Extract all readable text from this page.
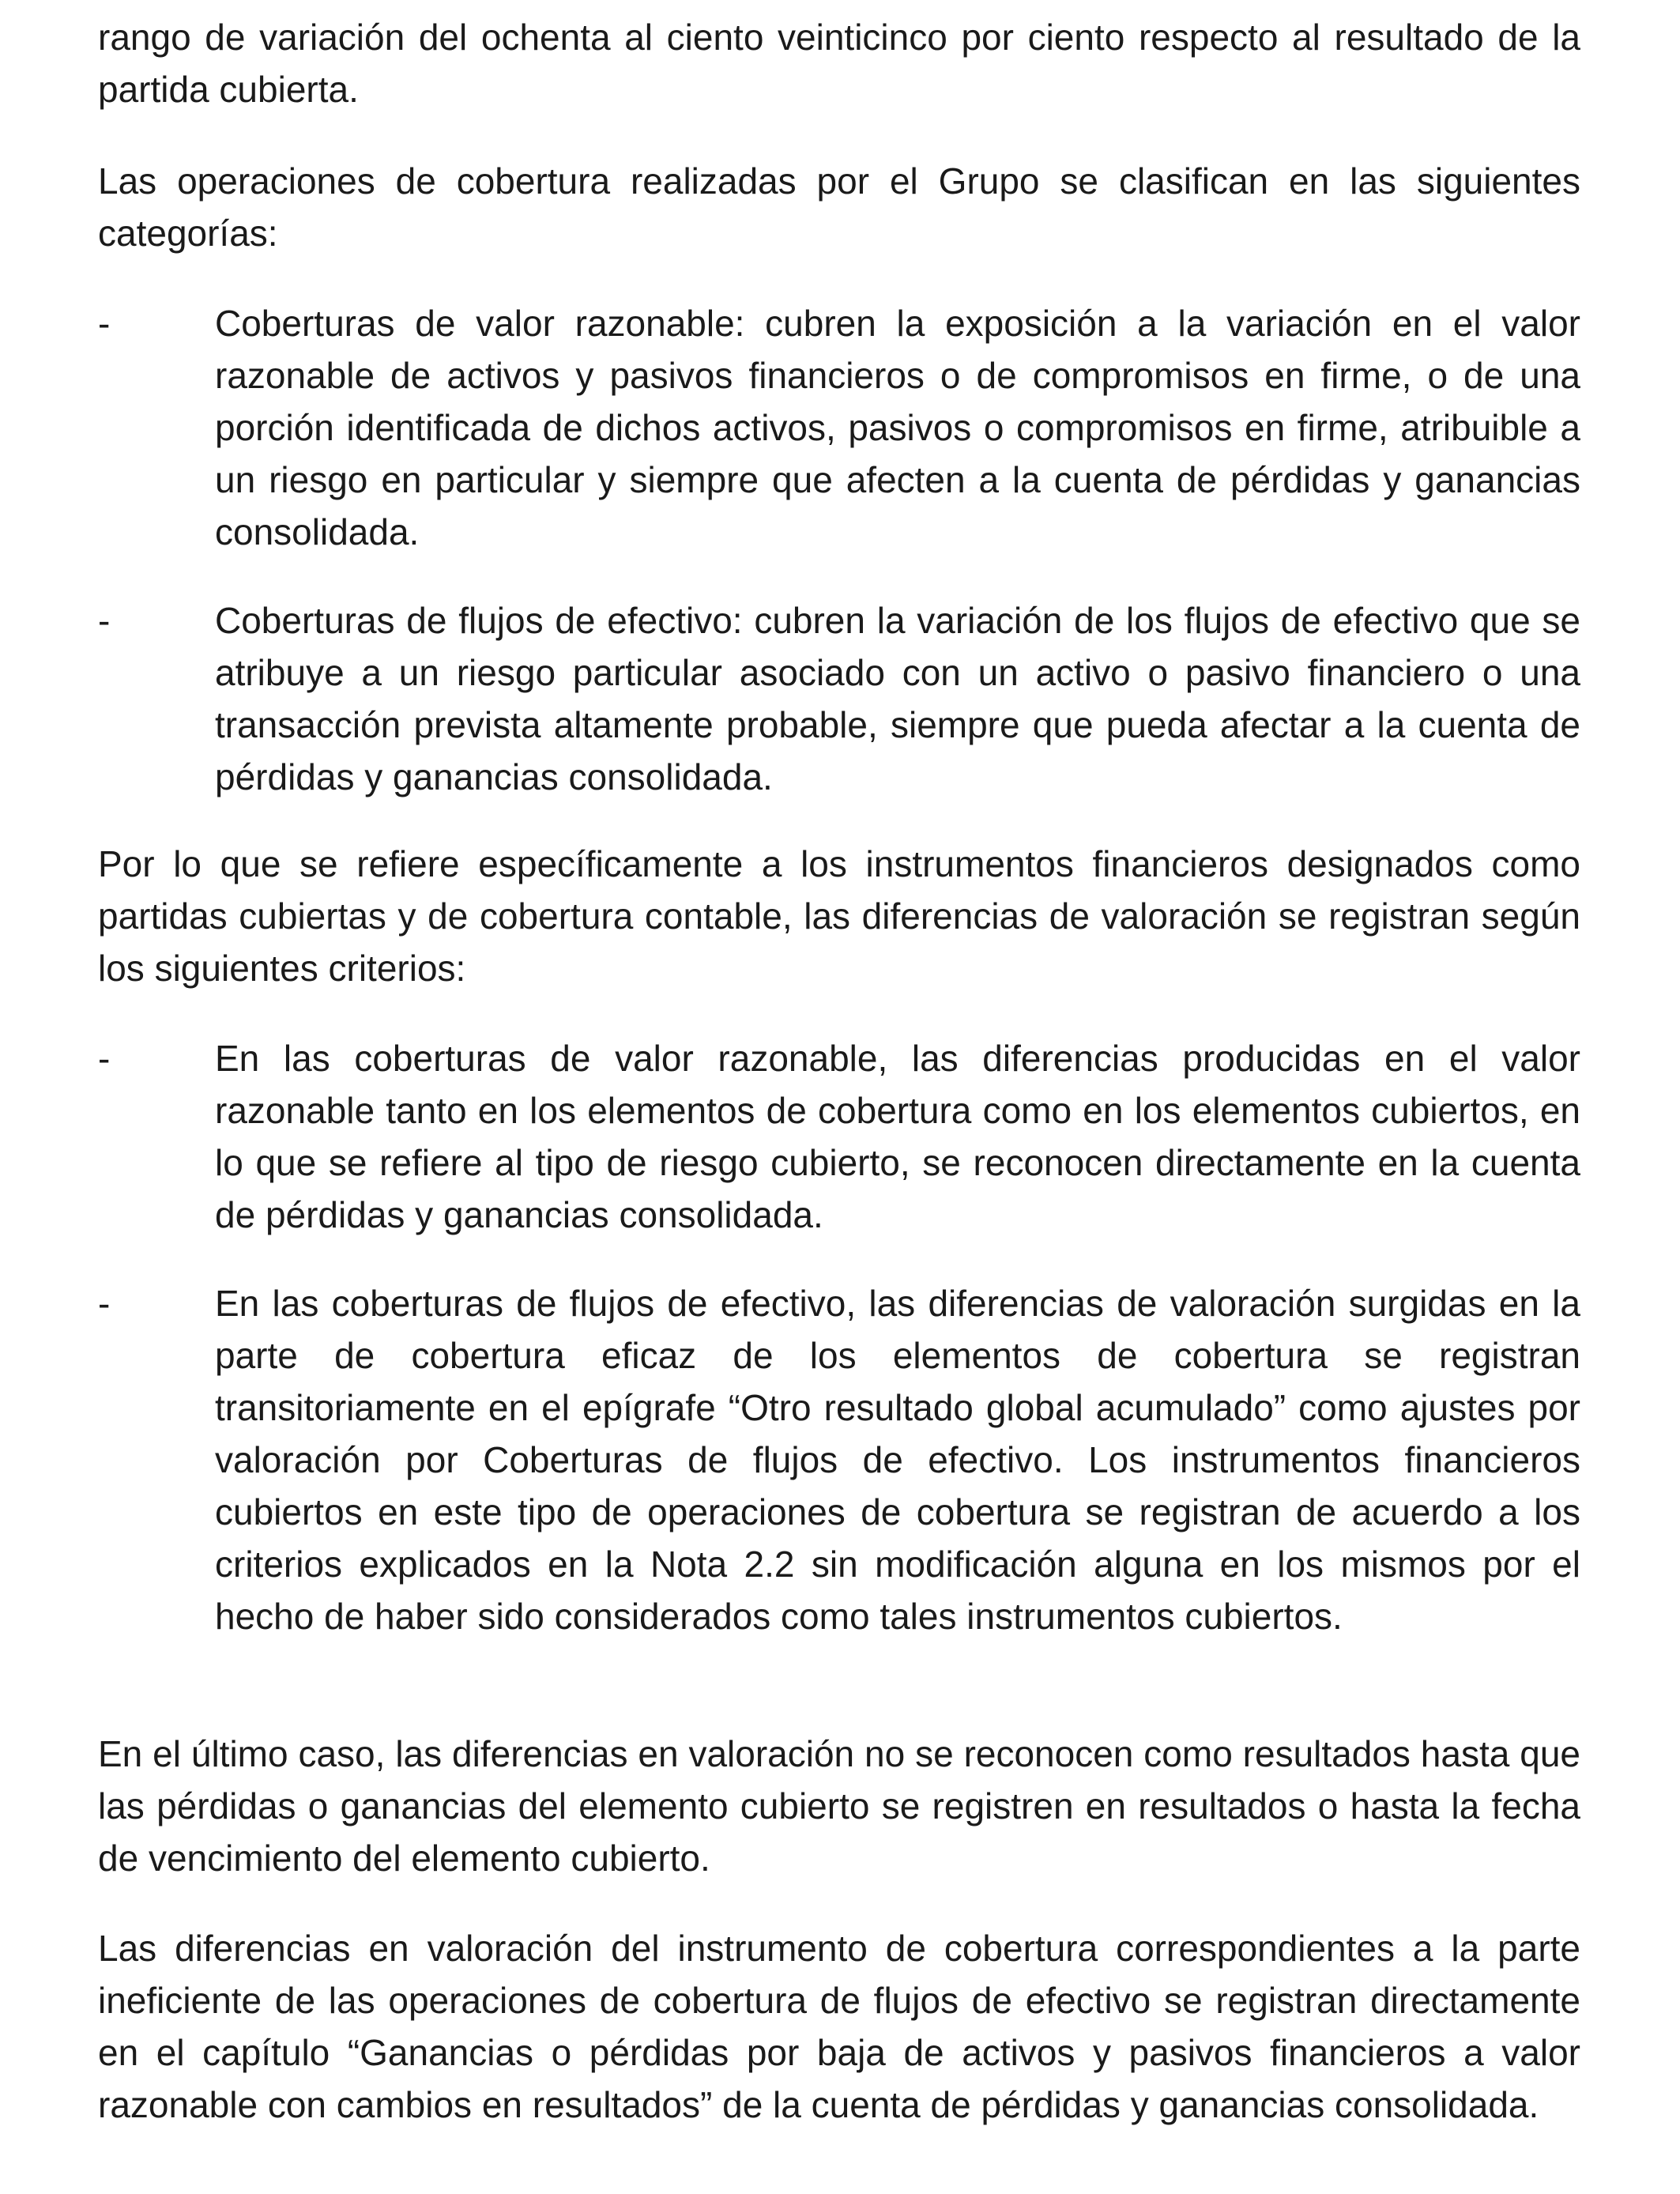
rango de variación del ochenta al ciento veinticinco por ciento respecto al resultado de la partida cubierta.

Las operaciones de cobertura realizadas por el Grupo se clasifican en las siguientes categorías:

-	Coberturas de valor razonable: cubren la exposición a la variación en el valor razonable de activos y pasivos financieros o de compromisos en firme, o de una porción identificada de dichos activos, pasivos o compromisos en firme, atribuible a un riesgo en particular y siempre que afecten a la cuenta de pérdidas y ganancias consolidada.

-	Coberturas de flujos de efectivo: cubren la variación de los flujos de efectivo que se atribuye a un riesgo particular asociado con un activo o pasivo financiero o una transacción prevista altamente probable, siempre que pueda afectar a la cuenta de pérdidas y ganancias consolidada.

Por lo que se refiere específicamente a los instrumentos financieros designados como partidas cubiertas y de cobertura contable, las diferencias de valoración se registran según los siguientes criterios:

-	En las coberturas de valor razonable, las diferencias producidas en el valor razonable tanto en los elementos de cobertura como en los elementos cubiertos, en lo que se refiere al tipo de riesgo cubierto, se reconocen directamente en la cuenta de pérdidas y ganancias consolidada.

-	En las coberturas de flujos de efectivo, las diferencias de valoración surgidas en la parte de cobertura eficaz de los elementos de cobertura se registran transitoriamente en el epígrafe “Otro resultado global acumulado” como ajustes por valoración por Coberturas de flujos de efectivo. Los instrumentos financieros cubiertos en este tipo de operaciones de cobertura se registran de acuerdo a los criterios explicados en la Nota 2.2 sin modificación alguna en los mismos por el hecho de haber sido considerados como tales instrumentos cubiertos.

En el último caso, las diferencias en valoración no se reconocen como resultados hasta que las pérdidas o ganancias del elemento cubierto se registren en resultados o hasta la fecha de vencimiento del elemento cubierto.

Las diferencias en valoración del instrumento de cobertura correspondientes a la parte ineficiente de las operaciones de cobertura de flujos de efectivo se registran directamente en el capítulo “Ganancias o pérdidas por baja de activos y pasivos financieros a valor razonable con cambios en resultados” de la cuenta de pérdidas y ganancias consolidada.
